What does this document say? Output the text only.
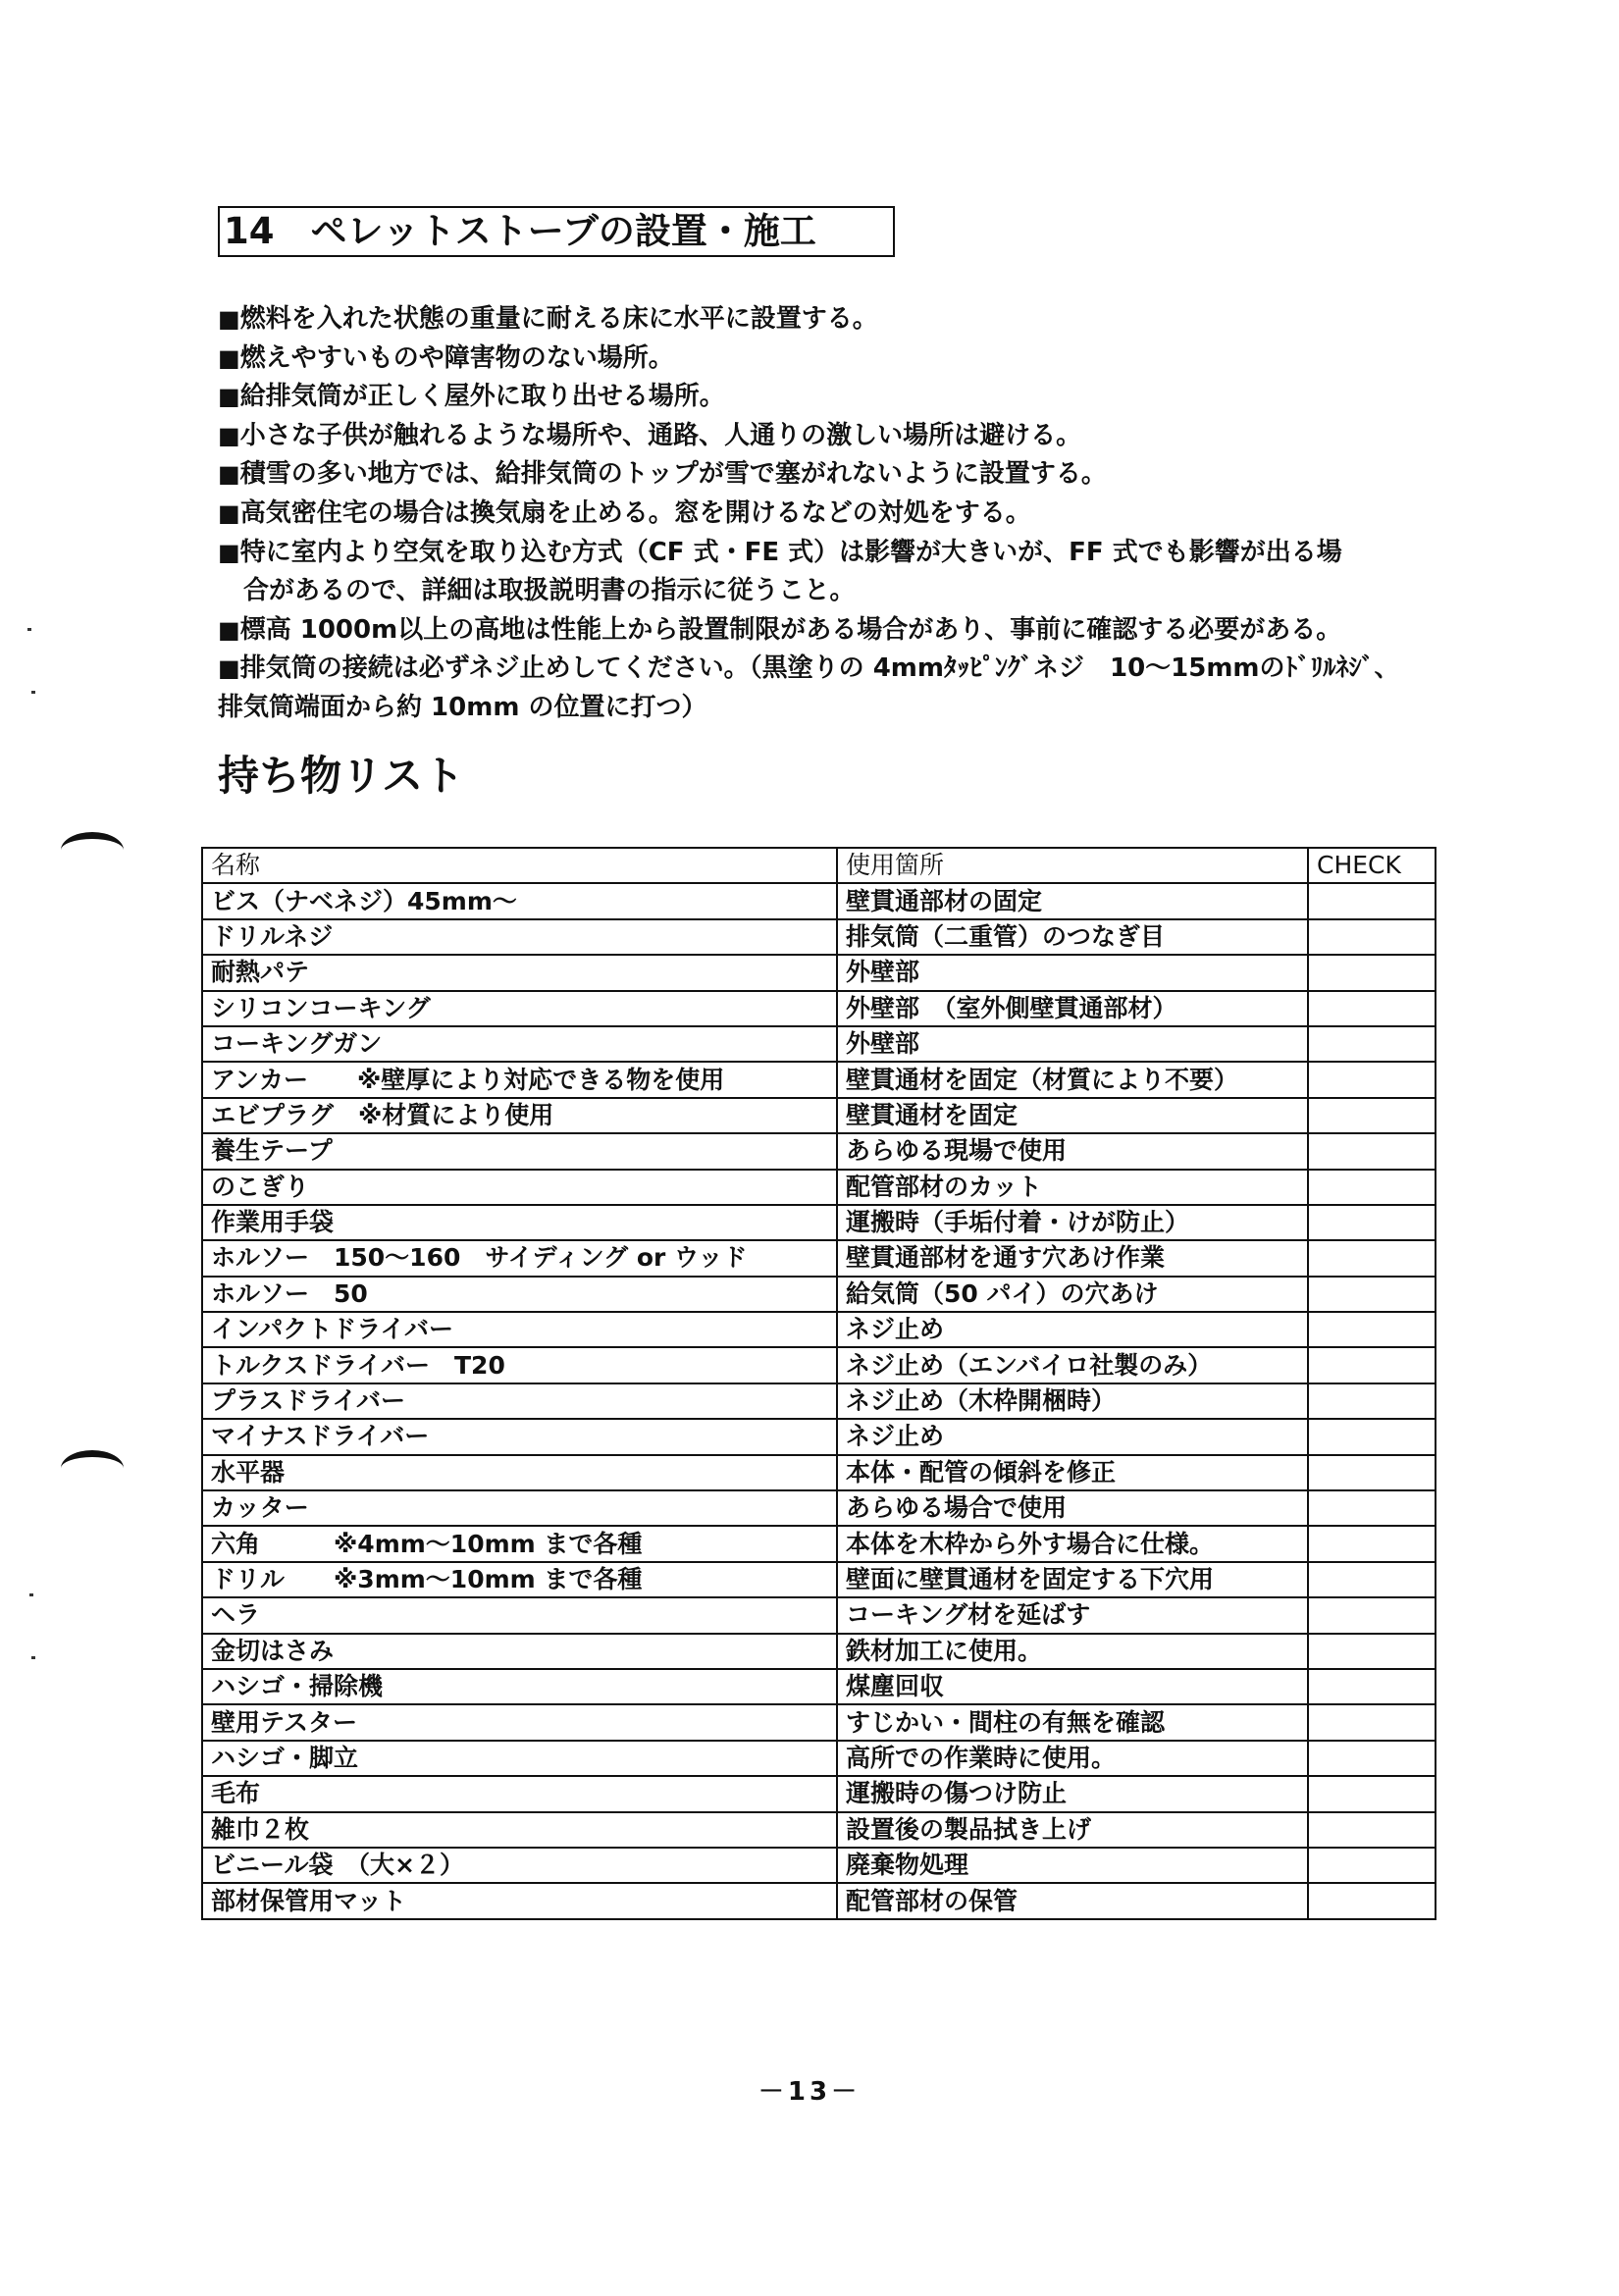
14　ペレットストーブの設置・施工
■燃料を入れた状態の重量に耐える床に水平に設置する。
■燃えやすいものや障害物のない場所。
■給排気筒が正しく屋外に取り出せる場所。
■小さな子供が触れるような場所や、通路、人通りの激しい場所は避ける。
■積雪の多い地方では、給排気筒のトップが雪で塞がれないように設置する。
■高気密住宅の場合は換気扇を止める。窓を開けるなどの対処をする。
■特に室内より空気を取り込む方式（CF 式・FE 式）は影響が大きいが、FF 式でも影響が出る場
合があるので、詳細は取扱説明書の指示に従うこと。
■標高 1000m以上の高地は性能上から設置制限がある場合があり、事前に確認する必要がある。
■排気筒の接続は必ずネジ止めしてください。（黒塗りの 4mmﾀｯﾋﾟﾝｸﾞネジ　10～15mmのﾄﾞﾘﾙﾈｼﾞ、
排気筒端面から約 10mm の位置に打つ）
持ち物リスト
名称	使用箇所	CHECK
ビス（ナベネジ）45mm～	壁貫通部材の固定	
ドリルネジ	排気筒（二重管）のつなぎ目	
耐熱パテ	外壁部	
シリコンコーキング	外壁部　（室外側壁貫通部材）	
コーキングガン	外壁部	
アンカー　　※壁厚により対応できる物を使用	壁貫通材を固定（材質により不要）	
エビプラグ　※材質により使用	壁貫通材を固定	
養生テープ	あらゆる現場で使用	
のこぎり	配管部材のカット	
作業用手袋	運搬時（手垢付着・けが防止）	
ホルソー　150～160　サイディング or ウッド	壁貫通部材を通す穴あけ作業	
ホルソー　50	給気筒（50 パイ）の穴あけ	
インパクトドライバー	ネジ止め	
トルクスドライバー　T20	ネジ止め（エンバイロ社製のみ）	
プラスドライバー	ネジ止め（木枠開梱時）	
マイナスドライバー	ネジ止め	
水平器	本体・配管の傾斜を修正	
カッター	あらゆる場合で使用	
六角　　　※4mm～10mm まで各種	本体を木枠から外す場合に仕様。	
ドリル　　※3mm～10mm まで各種	壁面に壁貫通材を固定する下穴用	
ヘラ	コーキング材を延ばす	
金切はさみ	鉄材加工に使用。	
ハシゴ・掃除機	煤塵回収	
壁用テスター	すじかい・間柱の有無を確認	
ハシゴ・脚立	高所での作業時に使用。	
毛布	運搬時の傷つけ防止	
雑巾２枚	設置後の製品拭き上げ	
ビニール袋　（大×２）	廃棄物処理	
部材保管用マット	配管部材の保管	
－13－
